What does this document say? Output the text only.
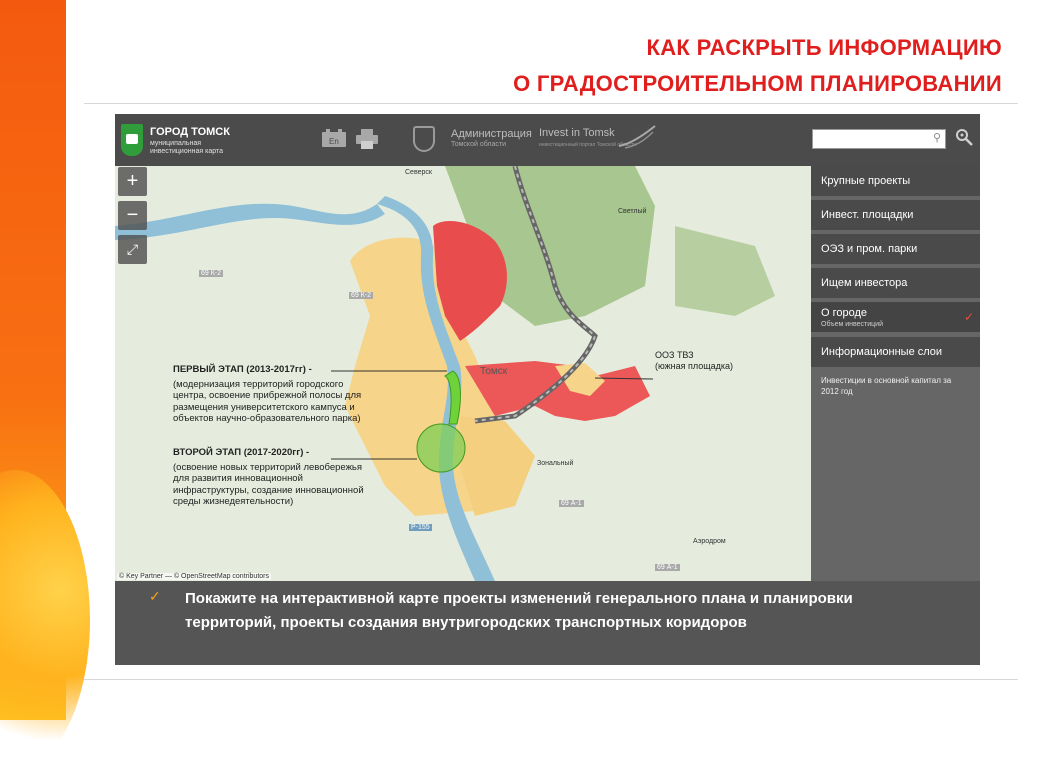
КАК РАСКРЫТЬ ИНФОРМАЦИЮ
О ГРАДОСТРОИТЕЛЬНОМ ПЛАНИРОВАНИИ
ГОРОД ТОМСК
муниципальная инвестиционная карта
En
Администрация
Томской области
Invest in Tomsk
инвестиционный портал Томской области
⚲
+
−
⤢
Северск
Светлый
Томск
Зональный
Аэродром
69 К-2
Р-155
69 А-1
69 К-2
69 А-1
ПЕРВЫЙ ЭТАП (2013-2017гг) -
(модернизация территорий городского
центра, освоение прибрежной полосы для
размещения университетского кампуса и
объектов научно-образовательного парка)
ВТОРОЙ ЭТАП (2017-2020гг) -
(освоение новых территорий левобережья
для развития инновационной
инфраструктуры, создание инновационной
среды жизнедеятельности)
ООЗ ТВЗ
(южная площадка)
© Key Partner — © OpenStreetMap contributors
Крупные проекты
Инвест. площадки
ОЭЗ и пром. парки
Ищем инвестора
О городе
Объем инвестиций
✓
Информационные слои
Инвестиции в основной капитал за 2012 год
✓ Покажите на интерактивной карте проекты изменений генерального плана и планировки территорий, проекты создания внутригородских транспортных коридоров
